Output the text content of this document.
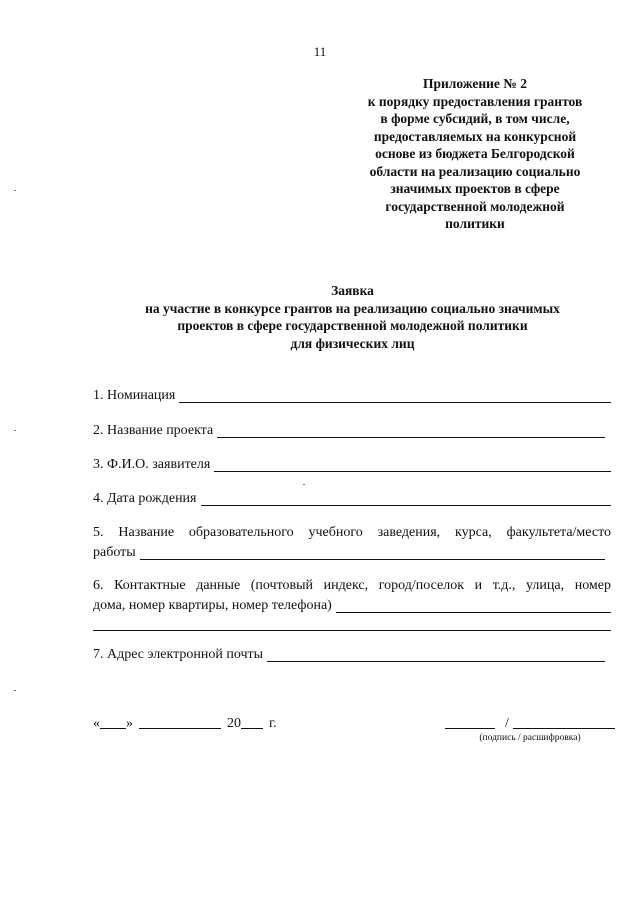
11
Приложение № 2
к порядку предоставления грантов
в форме субсидий, в том числе,
предоставляемых на конкурсной
основе из бюджета Белгородской
области на реализацию социально
значимых проектов в сфере
государственной молодежной
политики
Заявка
на участие в конкурсе грантов на реализацию социально значимых
проектов в сфере государственной молодежной политики
для физических лиц
1. Номинация
2. Название проекта
3. Ф.И.О. заявителя
4. Дата рождения
5. Название образовательного учебного заведения, курса, факультета/место
работы
6. Контактные данные (почтовый индекс, город/поселок и т.д., улица, номер
дома, номер квартиры, номер телефона)
7. Адрес электронной почты
« »	20 г.	/
(подпись / расшифровка)
